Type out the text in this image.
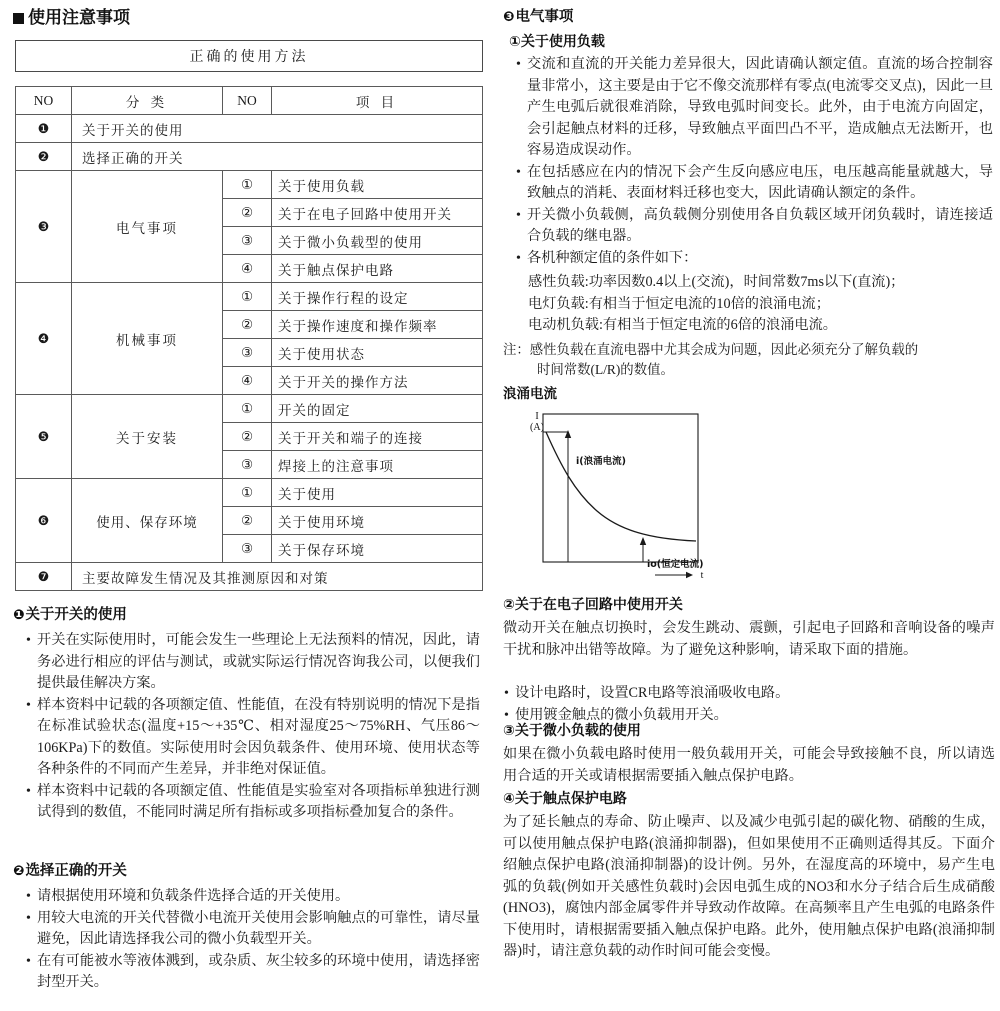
使用注意事项
正确的使用方法
NO	分 类	NO	项 目
❶	关于开关的使用		
❷	选择正确的开关		
❸	电气事项	①	关于使用负载
		②	关于在电子回路中使用开关
		③	关于微小负载型的使用
		④	关于触点保护电路
❹	机械事项	①	关于操作行程的设定
		②	关于操作速度和操作频率
		③	关于使用状态
		④	关于开关的操作方法
❺	关于安装	①	开关的固定
		②	关于开关和端子的连接
		③	焊接上的注意事项
❻	使用、保存环境	①	关于使用
		②	关于使用环境
		③	关于保存环境
❼	主要故障发生情况及其推测原因和对策		
❶ 关于开关的使用
• 开关在实际使用时，可能会发生一些理论上无法预料的情况，因此，请务必进行相应的评估与测试，或就实际运行情况咨询我公司，以便我们提供最佳解决方案。
• 样本资料中记载的各项额定值、性能值，在没有特别说明的情况下是指在标准试验状态(温度+15～+35℃、相对湿度25～75%RH、气压86～106KPa)下的数值。实际使用时会因负载条件、使用环境、使用状态等各种条件的不同而产生差异，并非绝对保证值。
• 样本资料中记载的各项额定值、性能值是实验室对各项指标单独进行测试得到的数值，不能同时满足所有指标或多项指标叠加复合的条件。
❷ 选择正确的开关
• 请根据使用环境和负载条件选择合适的开关使用。
• 用较大电流的开关代替微小电流开关使用会影响触点的可靠性，请尽量避免，因此请选择我公司的微小负载型开关。
• 在有可能被水等液体溅到，或杂质、灰尘较多的环境中使用，请选择密封型开关。
❸ 电气事项
①关于使用负载
• 交流和直流的开关能力差异很大，因此请确认额定值。直流的场合控制容量非常小，这主要是由于它不像交流那样有零点(电流零交叉点)，因此一旦产生电弧后就很难消除，导致电弧时间变长。此外，由于电流方向固定，会引起触点材料的迁移，导致触点平面凹凸不平，造成触点无法断开，也容易造成误动作。
• 在包括感应在内的情况下会产生反向感应电压，电压越高能量就越大，导致触点的消耗、表面材料迁移也变大，因此请确认额定的条件。
• 开关微小负载侧，高负载侧分别使用各自负载区域开闭负载时，请连接适合负载的继电器。
• 各机种额定值的条件如下：
感性负载:功率因数0.4以上(交流)，时间常数7ms以下(直流)；
电灯负载:有相当于恒定电流的10倍的浪涌电流；
电动机负载:有相当于恒定电流的6倍的浪涌电流。
注：感性负载在直流电器中尤其会成为问题，因此必须充分了解负载的
时间常数(L/R)的数值。
浪涌电流
I
(A)
i(浪涌电流)
io(恒定电流)
t
②关于在电子回路中使用开关
微动开关在触点切换时，会发生跳动、震颤，引起电子回路和音响设备的噪声干扰和脉冲出错等故障。为了避免这种影响，请采取下面的措施。
• 设计电路时，设置CR电路等浪涌吸收电路。
• 使用镀金触点的微小负载用开关。
③关于微小负载的使用
如果在微小负载电路时使用一般负载用开关，可能会导致接触不良，所以请选用合适的开关或请根据需要插入触点保护电路。
④关于触点保护电路
为了延长触点的寿命、防止噪声、以及减少电弧引起的碳化物、硝酸的生成，可以使用触点保护电路(浪涌抑制器)，但如果使用不正确则适得其反。下面介绍触点保护电路(浪涌抑制器)的设计例。另外，在湿度高的环境中，易产生电弧的负载(例如开关感性负载时)会因电弧生成的NO3和水分子结合后生成硝酸(HNO3)，腐蚀内部金属零件并导致动作故障。在高频率且产生电弧的电路条件下使用时，请根据需要插入触点保护电路。此外，使用触点保护电路(浪涌抑制器)时，请注意负载的动作时间可能会变慢。
